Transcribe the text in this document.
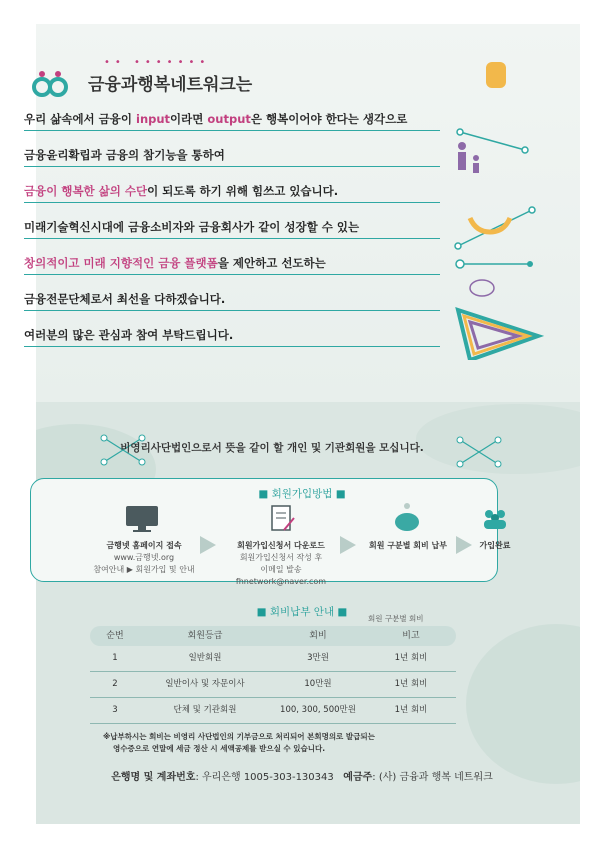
•• •••••••
금융과행복네트워크는
우리 삶속에서 금융이 input이라면 output은 행복이어야 한다는 생각으로
금융윤리확립과 금융의 참기능을 통하여
금융이 행복한 삶의 수단이 되도록 하기 위해 힘쓰고 있습니다.
미래기술혁신시대에 금융소비자와 금융회사가 같이 성장할 수 있는
창의적이고 미래 지향적인 금융 플랫폼을 제안하고 선도하는
금융전문단체로서 최선을 다하겠습니다.
여러분의 많은 관심과 참여 부탁드립니다.
비영리사단법인으로서 뜻을 같이 할 개인 및 기관회원을 모십니다.
■ 회원가입방법 ■
금행넷 홈페이지 접속
www.금행넷.org
참여안내 ▶ 회원가입 및 안내
회원가입신청서 다운로드
회원가입신청서 작성 후
이메일 발송 fhnetwork@naver.com
회원 구분별 회비 납부	가입완료
■ 회비납부 안내 ■
회원 구분별 회비
순번	회원등급	회비	비고
1	일반회원	3만원	1년 회비
2	일반이사 및 자문이사	10만원	1년 회비
3	단체 및 기관회원	100, 300, 500만원	1년 회비
※납부하시는 회비는 비영리 사단법인의 기부금으로 처리되어 본회명의로 발급되는
영수증으로 연말에 세금 정산 시 세액공제를 받으실 수 있습니다.
은행명 및 계좌번호: 우리은행 1005-303-130343 예금주: (사) 금융과 행복 네트워크
